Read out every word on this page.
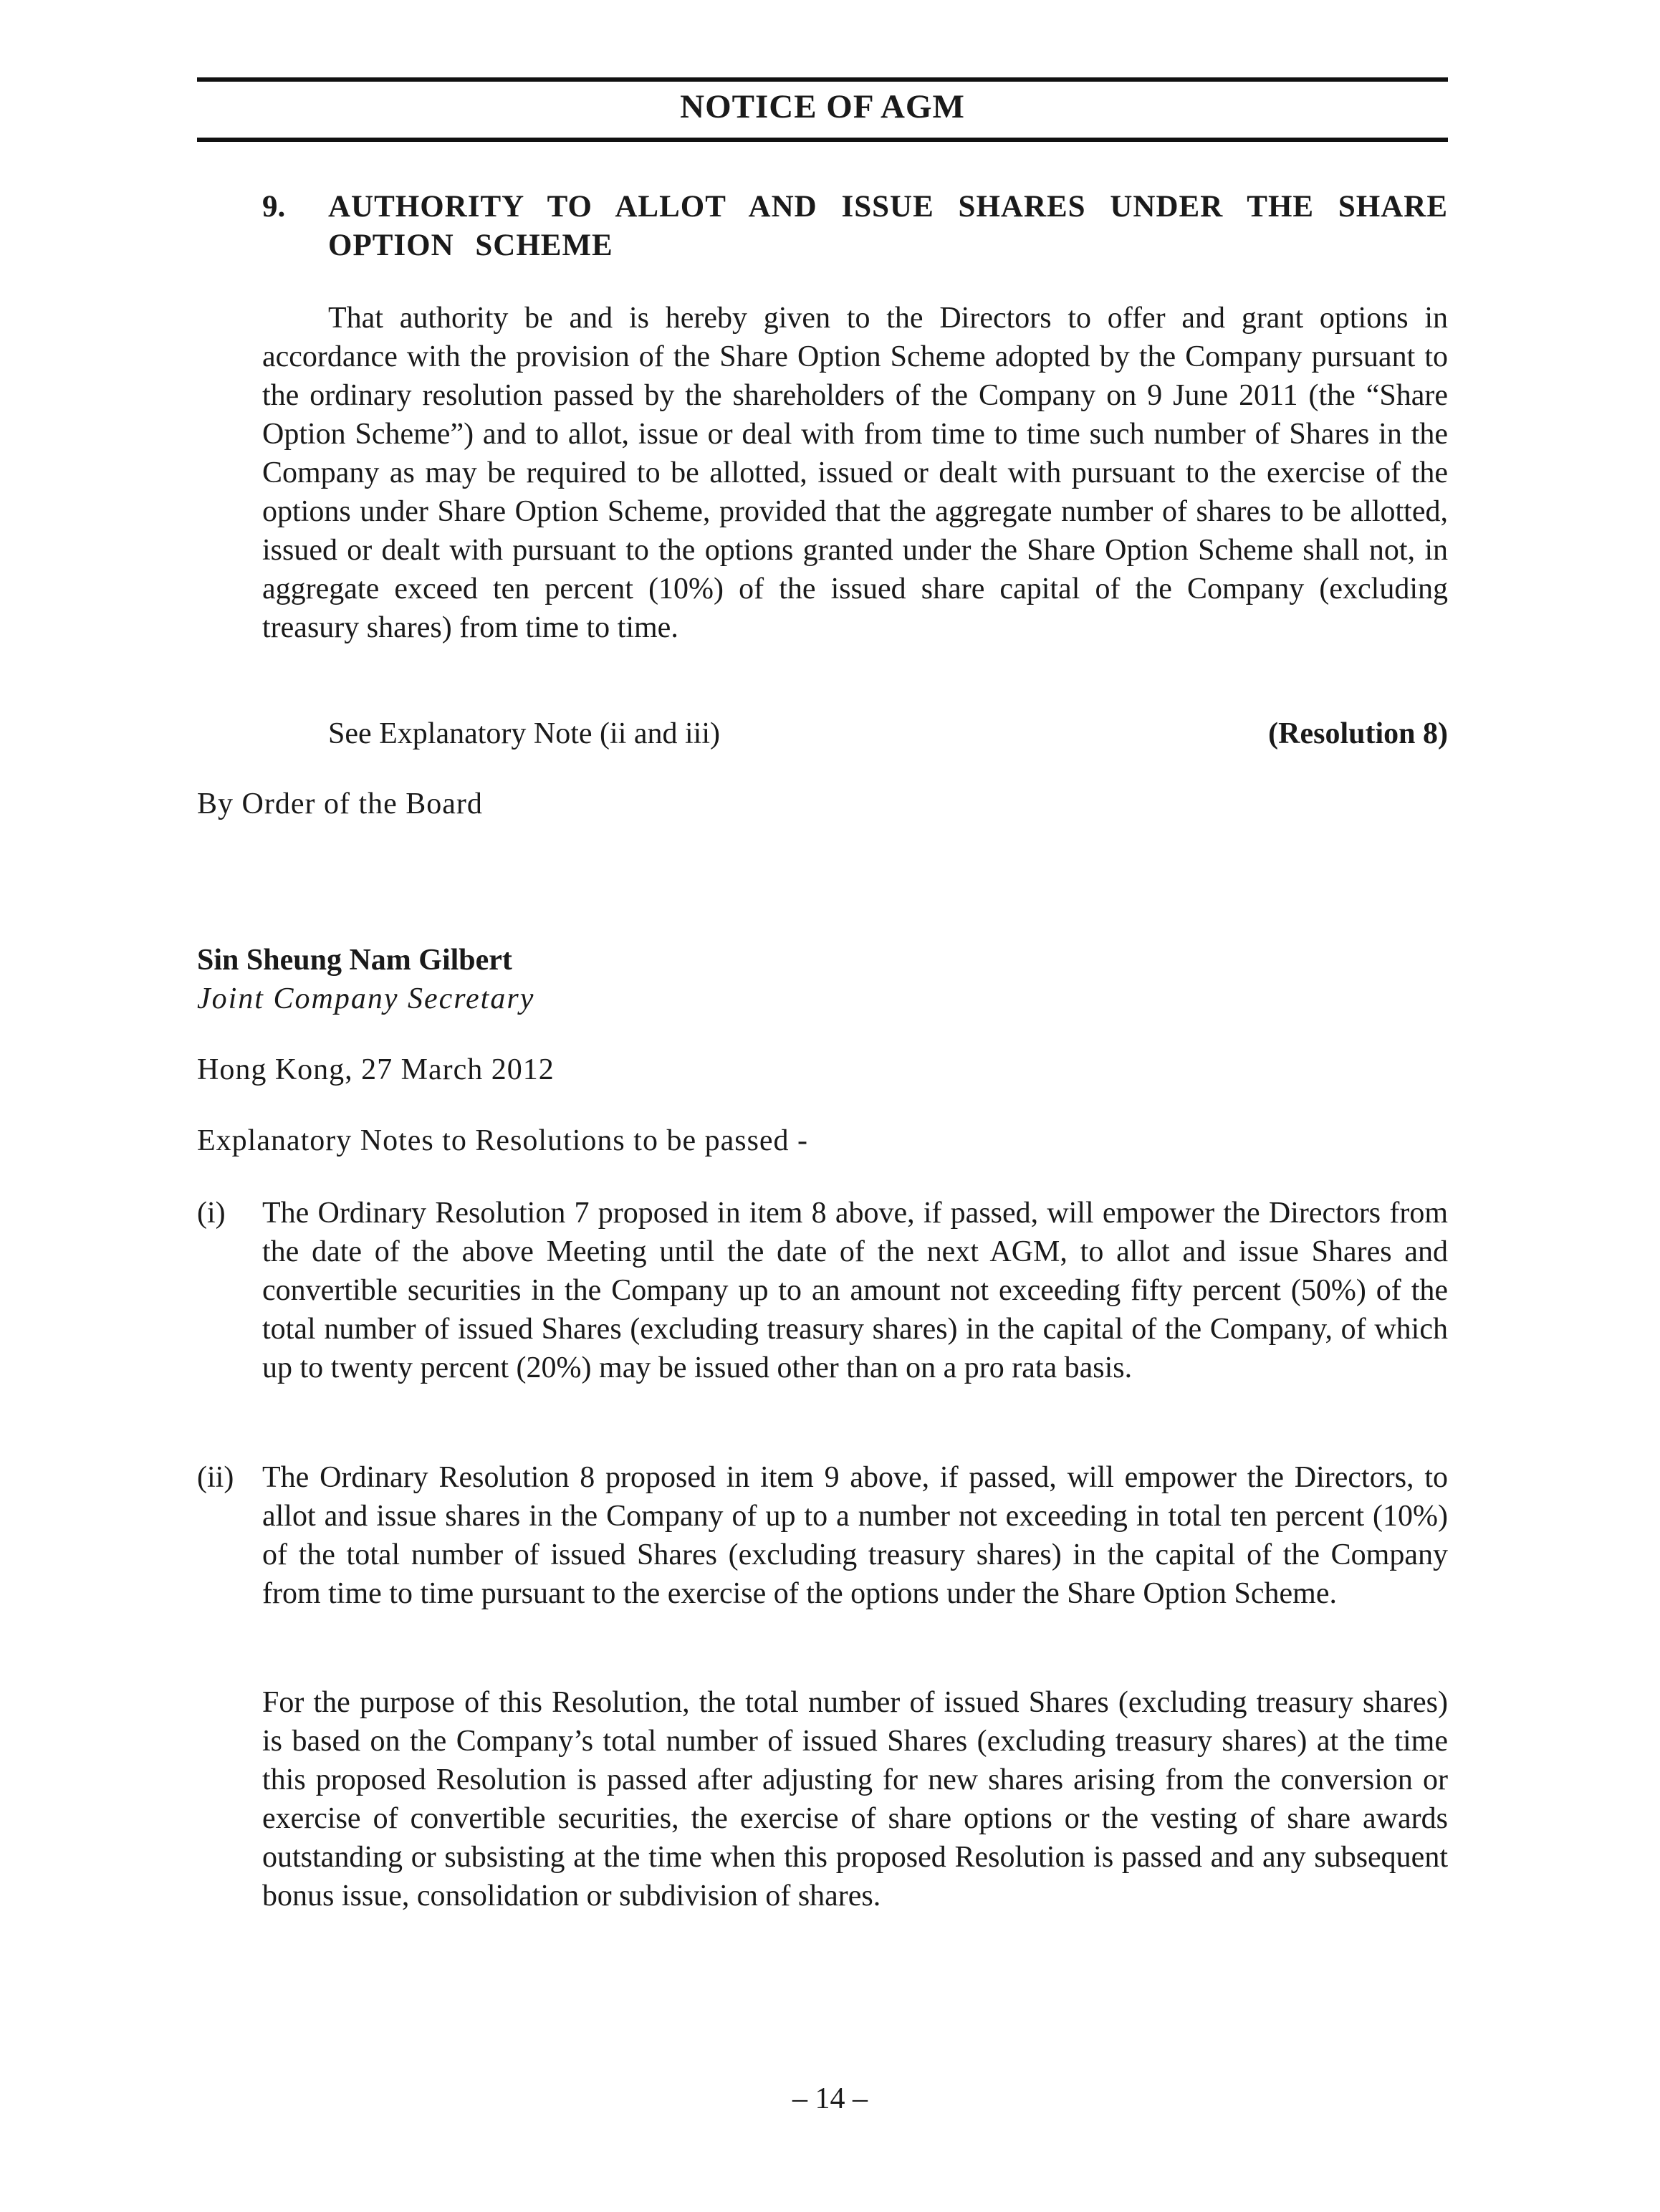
NOTICE OF AGM
9. AUTHORITY TO ALLOT AND ISSUE SHARES UNDER THE SHARE OPTION SCHEME

That authority be and is hereby given to the Directors to offer and grant options in accordance with the provision of the Share Option Scheme adopted by the Company pursuant to the ordinary resolution passed by the shareholders of the Company on 9 June 2011 (the “Share Option Scheme”) and to allot, issue or deal with from time to time such number of Shares in the Company as may be required to be allotted, issued or dealt with pursuant to the exercise of the options under Share Option Scheme, provided that the aggregate number of shares to be allotted, issued or dealt with pursuant to the options granted under the Share Option Scheme shall not, in aggregate exceed ten percent (10%) of the issued share capital of the Company (excluding treasury shares) from time to time.

See Explanatory Note (ii and iii)	(Resolution 8)
By Order of the Board
Sin Sheung Nam Gilbert
Joint Company Secretary
Hong Kong, 27 March 2012
Explanatory Notes to Resolutions to be passed -
(i) The Ordinary Resolution 7 proposed in item 8 above, if passed, will empower the Directors from the date of the above Meeting until the date of the next AGM, to allot and issue Shares and convertible securities in the Company up to an amount not exceeding fifty percent (50%) of the total number of issued Shares (excluding treasury shares) in the capital of the Company, of which up to twenty percent (20%) may be issued other than on a pro rata basis.

(ii) The Ordinary Resolution 8 proposed in item 9 above, if passed, will empower the Directors, to allot and issue shares in the Company of up to a number not exceeding in total ten percent (10%) of the total number of issued Shares (excluding treasury shares) in the capital of the Company from time to time pursuant to the exercise of the options under the Share Option Scheme.

For the purpose of this Resolution, the total number of issued Shares (excluding treasury shares) is based on the Company’s total number of issued Shares (excluding treasury shares) at the time this proposed Resolution is passed after adjusting for new shares arising from the conversion or exercise of convertible securities, the exercise of share options or the vesting of share awards outstanding or subsisting at the time when this proposed Resolution is passed and any subsequent bonus issue, consolidation or subdivision of shares.

– 14 –
